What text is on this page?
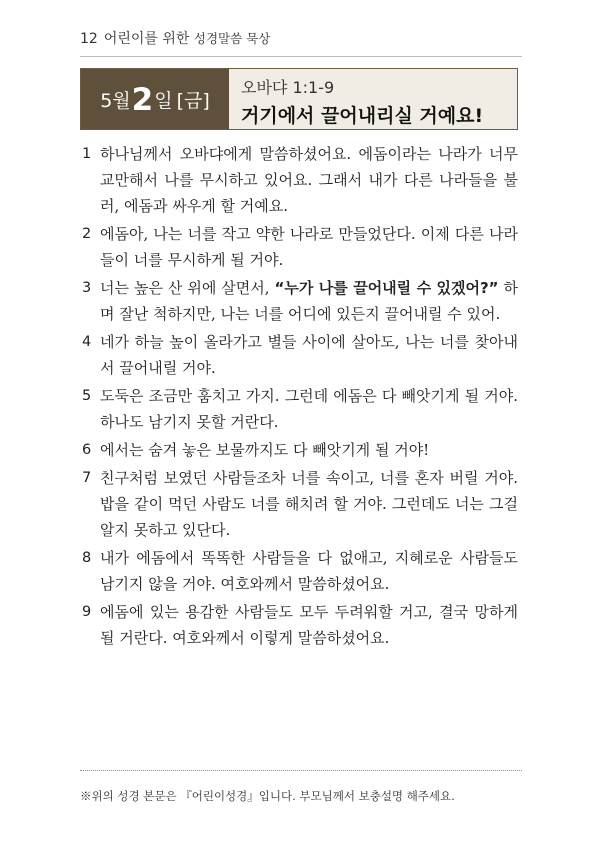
12 어린이를 위한 성경말씀 묵상
5월 2 일 [금]
오바댜 1:1-9
거기에서 끌어내리실 거예요!
1 하나님께서 오바댜에게 말씀하셨어요. 에돔이라는 나라가 너무 교만해서 나를 무시하고 있어요. 그래서 내가 다른 나라들을 불러, 에돔과 싸우게 할 거예요.
2 에돔아, 나는 너를 작고 약한 나라로 만들었단다. 이제 다른 나라들이 너를 무시하게 될 거야.
3 너는 높은 산 위에 살면서, “누가 나를 끌어내릴 수 있겠어?” 하며 잘난 척하지만, 나는 너를 어디에 있든지 끌어내릴 수 있어.
4 네가 하늘 높이 올라가고 별들 사이에 살아도, 나는 너를 찾아내서 끌어내릴 거야.
5 도둑은 조금만 훔치고 가지. 그런데 에돔은 다 빼앗기게 될 거야. 하나도 남기지 못할 거란다.
6 에서는 숨겨 놓은 보물까지도 다 빼앗기게 될 거야!
7 친구처럼 보였던 사람들조차 너를 속이고, 너를 혼자 버릴 거야. 밥을 같이 먹던 사람도 너를 해치려 할 거야. 그런데도 너는 그걸 알지 못하고 있단다.
8 내가 에돔에서 똑똑한 사람들을 다 없애고, 지혜로운 사람들도 남기지 않을 거야. 여호와께서 말씀하셨어요.
9 에돔에 있는 용감한 사람들도 모두 두려워할 거고, 결국 망하게 될 거란다. 여호와께서 이렇게 말씀하셨어요.
※위의 성경 본문은 『어린이성경』입니다. 부모님께서 보충설명 해주세요.
